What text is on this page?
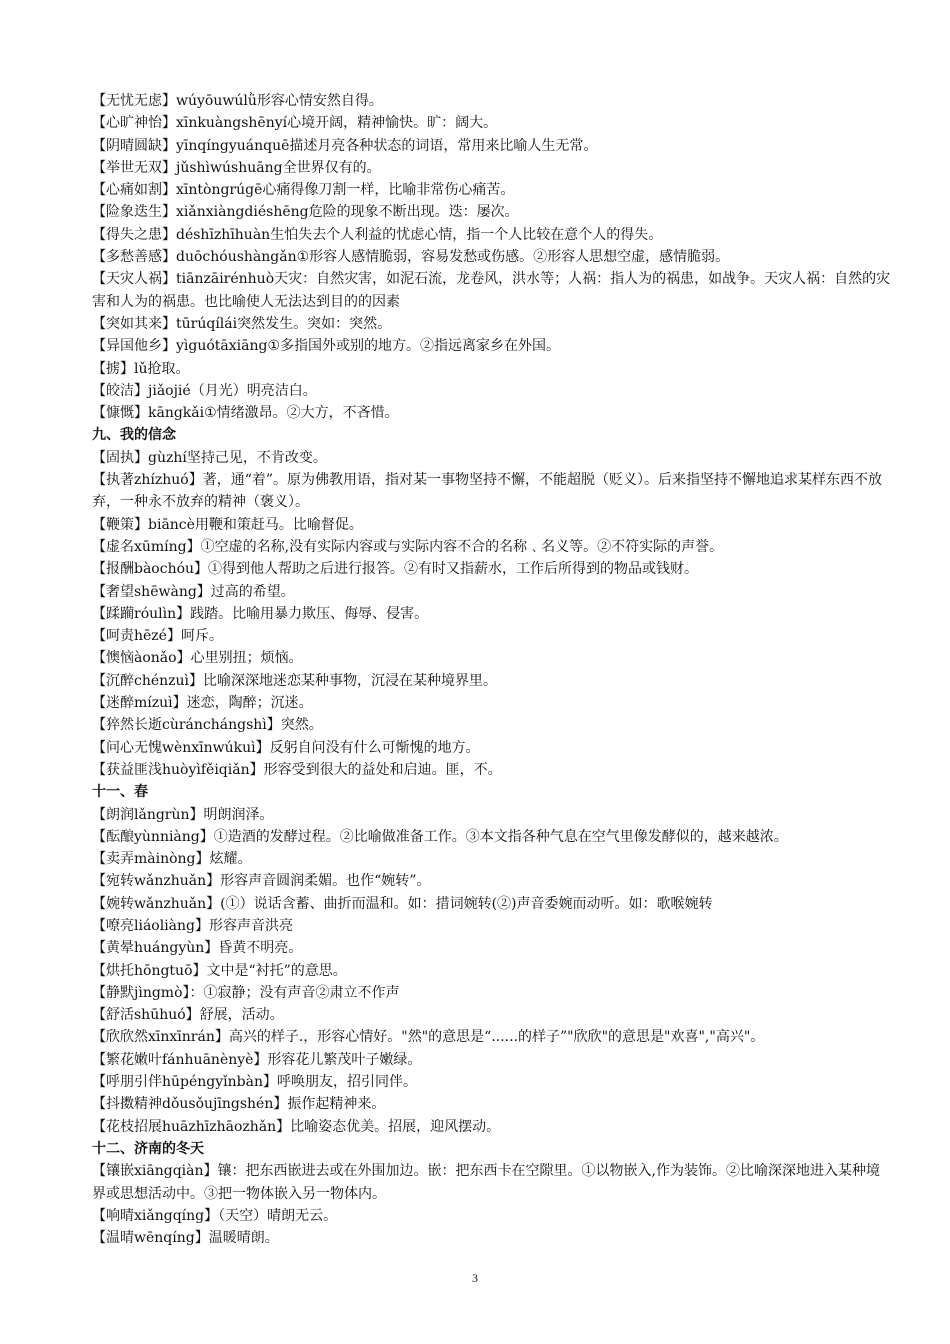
【无忧无虑】wúyōuwúlǜ形容心情安然自得。
【心旷神怡】xīnkuàngshēnyí心境开阔，精神愉快。旷：阔大。
【阴晴圆缺】yīnqíngyuánquē描述月亮各种状态的词语，常用来比喻人生无常。
【举世无双】jǔshìwúshuāng全世界仅有的。
【心痛如割】xīntòngrúgē心痛得像刀割一样，比喻非常伤心痛苦。
【险象迭生】xiǎnxiàngdiéshēng危险的现象不断出现。迭：屡次。
【得失之患】déshīzhīhuàn生怕失去个人利益的忧虑心情，指一个人比较在意个人的得失。
【多愁善感】duōchóushàngǎn①形容人感情脆弱，容易发愁或伤感。②形容人思想空虚，感情脆弱。
【天灾人祸】tiānzāirénhuò天灾：自然灾害，如泥石流，龙卷风，洪水等；人祸：指人为的祸患，如战争。天灾人祸：自然的灾害和人为的祸患。也比喻使人无法达到目的的因素
【突如其来】tūrúqílái突然发生。突如：突然。
【异国他乡】yìguótāxiāng①多指国外或别的地方。②指远离家乡在外国。
【掳】lǔ抢取。
【皎洁】jiǎojié（月光）明亮洁白。
【慷慨】kāngkǎi①情绪激昂。②大方，不吝惜。
九、我的信念
【固执】gùzhí坚持己见，不肯改变。
【执著zhízhuó】著，通“着”。原为佛教用语，指对某一事物坚持不懈，不能超脱（贬义）。后来指坚持不懈地追求某样东西不放弃，一种永不放弃的精神（褒义）。
【鞭策】biāncè用鞭和策赶马。比喻督促。
【虚名xūmíng】①空虚的名称,没有实际内容或与实际内容不合的名称﹑名义等。②不符实际的声誉。
【报酬bàochóu】①得到他人帮助之后进行报答。②有时又指薪水，工作后所得到的物品或钱财。
【奢望shēwàng】过高的希望。
【蹂躏róulìn】践踏。比喻用暴力欺压、侮辱、侵害。
【呵责hēzé】呵斥。
【懊恼àonǎo】心里别扭；烦恼。
【沉醉chénzuì】比喻深深地迷恋某种事物，沉浸在某种境界里。
【迷醉mízuì】迷恋，陶醉；沉迷。
【猝然长逝cùránchángshì】突然。
【问心无愧wènxīnwúkuì】反躬自问没有什么可惭愧的地方。
【获益匪浅huòyìfěiqiǎn】形容受到很大的益处和启迪。匪，不。
十一、春
【朗润lǎngrùn】明朗润泽。
【酝酿yùnniàng】①造酒的发酵过程。②比喻做准备工作。③本文指各种气息在空气里像发酵似的，越来越浓。
【卖弄màinòng】炫耀。
【宛转wǎnzhuǎn】形容声音圆润柔媚。也作“婉转”。
【婉转wǎnzhuǎn】(①）说话含蓄、曲折而温和。如：措词婉转(②)声音委婉而动听。如：歌喉婉转
【嘹亮liáoliàng】形容声音洪亮
【黄晕huángyùn】昏黄不明亮。
【烘托hōngtuō】文中是“衬托”的意思。
【静默jìngmò】：①寂静；没有声音②肃立不作声
【舒活shūhuó】舒展，活动。
【欣欣然xīnxīnrán】高兴的样子.，形容心情好。"然"的意思是“......的样子”"欣欣"的意思是"欢喜","高兴"。
【繁花嫩叶fánhuānènyè】形容花儿繁茂叶子嫩绿。
【呼朋引伴hūpéngyǐnbàn】呼唤朋友，招引同伴。
【抖擞精神dǒusǒujīngshén】振作起精神来。
【花枝招展huāzhīzhāozhǎn】比喻姿态优美。招展，迎风摆动。
十二、济南的冬天
【镶嵌xiāngqiàn】镶：把东西嵌进去或在外围加边。嵌：把东西卡在空隙里。①以物嵌入,作为装饰。②比喻深深地进入某种境界或思想活动中。③把一物体嵌入另一物体内。
【响晴xiǎngqíng】（天空）晴朗无云。
【温晴wēnqíng】温暖晴朗。
3
